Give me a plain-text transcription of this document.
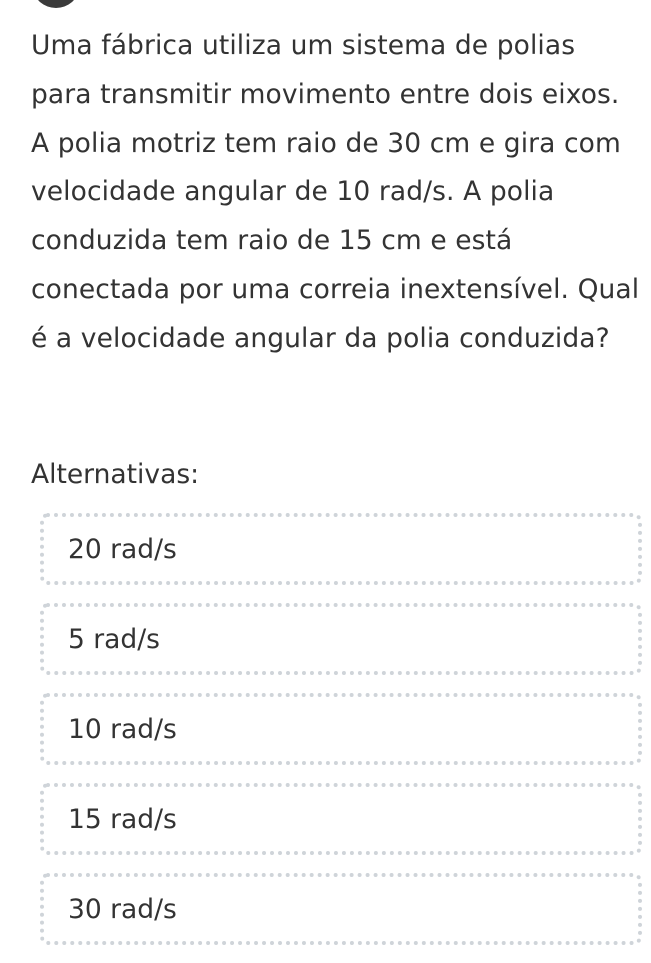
Uma fábrica utiliza um sistema de polias para transmitir movimento entre dois eixos. A polia motriz tem raio de 30 cm e gira com velocidade angular de 10 rad/s. A polia conduzida tem raio de 15 cm e está conectada por uma correia inextensível. Qual é a velocidade angular da polia conduzida?

Alternativas:

20 rad/s
5 rad/s
10 rad/s
15 rad/s
30 rad/s
